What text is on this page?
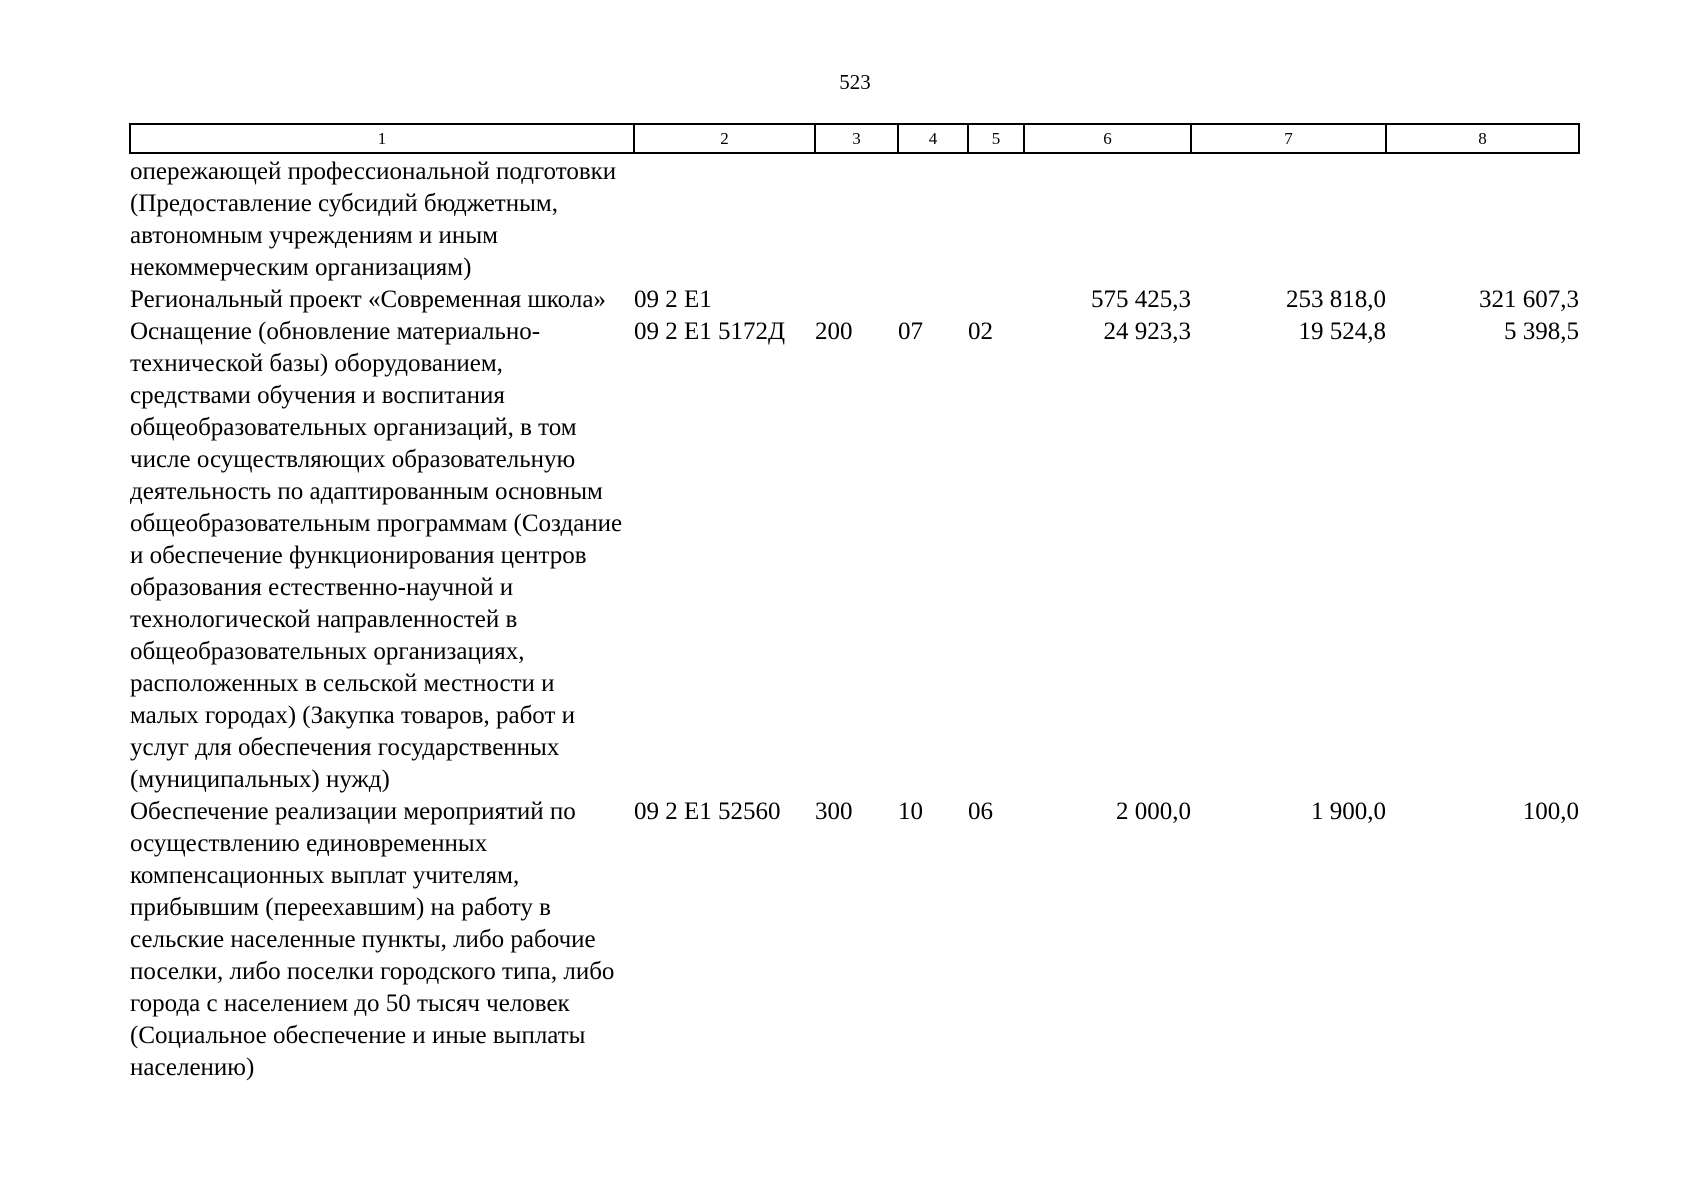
523
1	2	3	4	5	6	7	8
опережающей профессиональной подготовки (Предоставление субсидий бюджетным, автономным учреждениям и иным некоммерческим организациям)							
Региональный проект «Современная школа»	09 2 E1				575 425,3	253 818,0	321 607,3
Оснащение (обновление материально-технической базы) оборудованием, средствами обучения и воспитания общеобразовательных организаций, в том числе осуществляющих образовательную деятельность по адаптированным основным общеобразовательным программам (Создание и обеспечение функционирования центров образования естественно-научной и технологической направленностей в общеобразовательных организациях, расположенных в сельской местности и малых городах) (Закупка товаров, работ и услуг для обеспечения государственных (муниципальных) нужд)	09 2 E1 5172Д	200	07	02	24 923,3	19 524,8	5 398,5
Обеспечение реализации мероприятий по осуществлению единовременных компенсационных выплат учителям, прибывшим (переехавшим) на работу в сельские населенные пункты, либо рабочие поселки, либо поселки городского типа, либо города с населением до 50 тысяч человек (Социальное обеспечение и иные выплаты населению)	09 2 E1 52560	300	10	06	2 000,0	1 900,0	100,0
